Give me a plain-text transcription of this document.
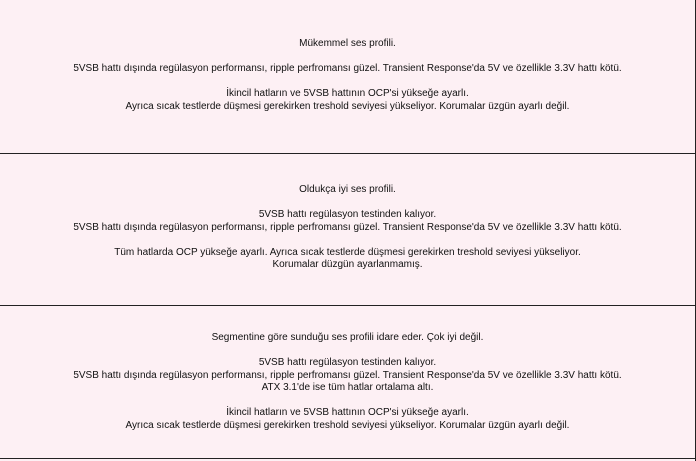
Mükemmel ses profili.

5VSB hattı dışında regülasyon performansı, ripple perfromansı güzel. Transient Response'da 5V ve özellikle 3.3V hattı kötü.

İkincil hatların ve 5VSB hattının OCP'si yükseğe ayarlı.

Ayrıca sıcak testlerde düşmesi gerekirken treshold seviyesi yükseliyor. Korumalar üzgün ayarlı değil.

Oldukça iyi ses profili.

5VSB hattı regülasyon testinden kalıyor.

5VSB hattı dışında regülasyon performansı, ripple perfromansı güzel. Transient Response'da 5V ve özellikle 3.3V hattı kötü.

Tüm hatlarda OCP yükseğe ayarlı. Ayrıca sıcak testlerde düşmesi gerekirken treshold seviyesi yükseliyor.

Korumalar düzgün ayarlanmamış.

Segmentine göre sunduğu ses profili idare eder. Çok iyi değil.

5VSB hattı regülasyon testinden kalıyor.

5VSB hattı dışında regülasyon performansı, ripple perfromansı güzel. Transient Response'da 5V ve özellikle 3.3V hattı kötü.

ATX 3.1'de ise tüm hatlar ortalama altı.

İkincil hatların ve 5VSB hattının OCP'si yükseğe ayarlı.

Ayrıca sıcak testlerde düşmesi gerekirken treshold seviyesi yükseliyor. Korumalar üzgün ayarlı değil.
